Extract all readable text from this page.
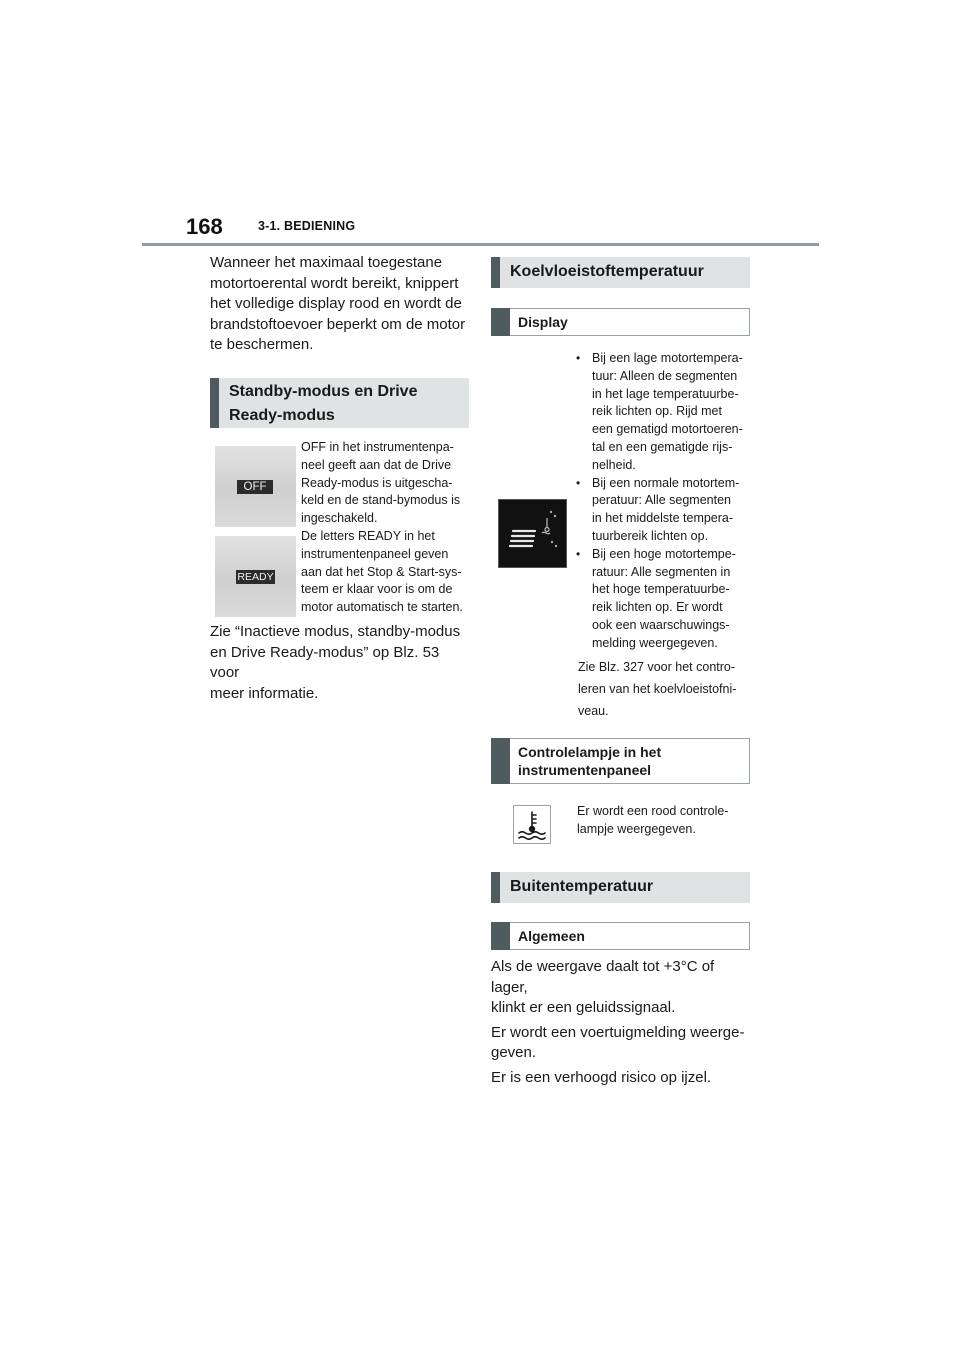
168	3-1. BEDIENING
Wanneer het maximaal toegestane
motortoerental wordt bereikt, knippert
het volledige display rood en wordt de
brandstoftoevoer beperkt om de motor
te beschermen.
Standby-modus en Drive
Ready-modus
OFF
OFF in het instrumentenpa-
neel geeft aan dat de Drive
Ready-modus is uitgescha-
keld en de stand-bymodus is
ingeschakeld.
READY
De letters READY in het
instrumentenpaneel geven
aan dat het Stop & Start-sys-
teem er klaar voor is om de
motor automatisch te starten.
Zie “Inactieve modus, standby-modus
en Drive Ready-modus” op Blz. 53 voor
meer informatie.
Koelvloeistoftemperatuur
Display
• Bij een lage motortempera-
tuur: Alleen de segmenten
in het lage temperatuurbe-
reik lichten op. Rijd met
een gematigd motortoeren-
tal en een gematigde rijs-
nelheid.
• Bij een normale motortem-
peratuur: Alle segmenten
in het middelste tempera-
tuurbereik lichten op.
• Bij een hoge motortempe-
ratuur: Alle segmenten in
het hoge temperatuurbe-
reik lichten op. Er wordt
ook een waarschuwings-
melding weergegeven.
Zie Blz. 327 voor het contro-
leren van het koelvloeistofni-
veau.
Controlelampje in het
instrumentenpaneel
Er wordt een rood controle-
lampje weergegeven.
Buitentemperatuur
Algemeen
Als de weergave daalt tot +3°C of lager,
klinkt er een geluidssignaal.
Er wordt een voertuigmelding weerge-
geven.
Er is een verhoogd risico op ijzel.
